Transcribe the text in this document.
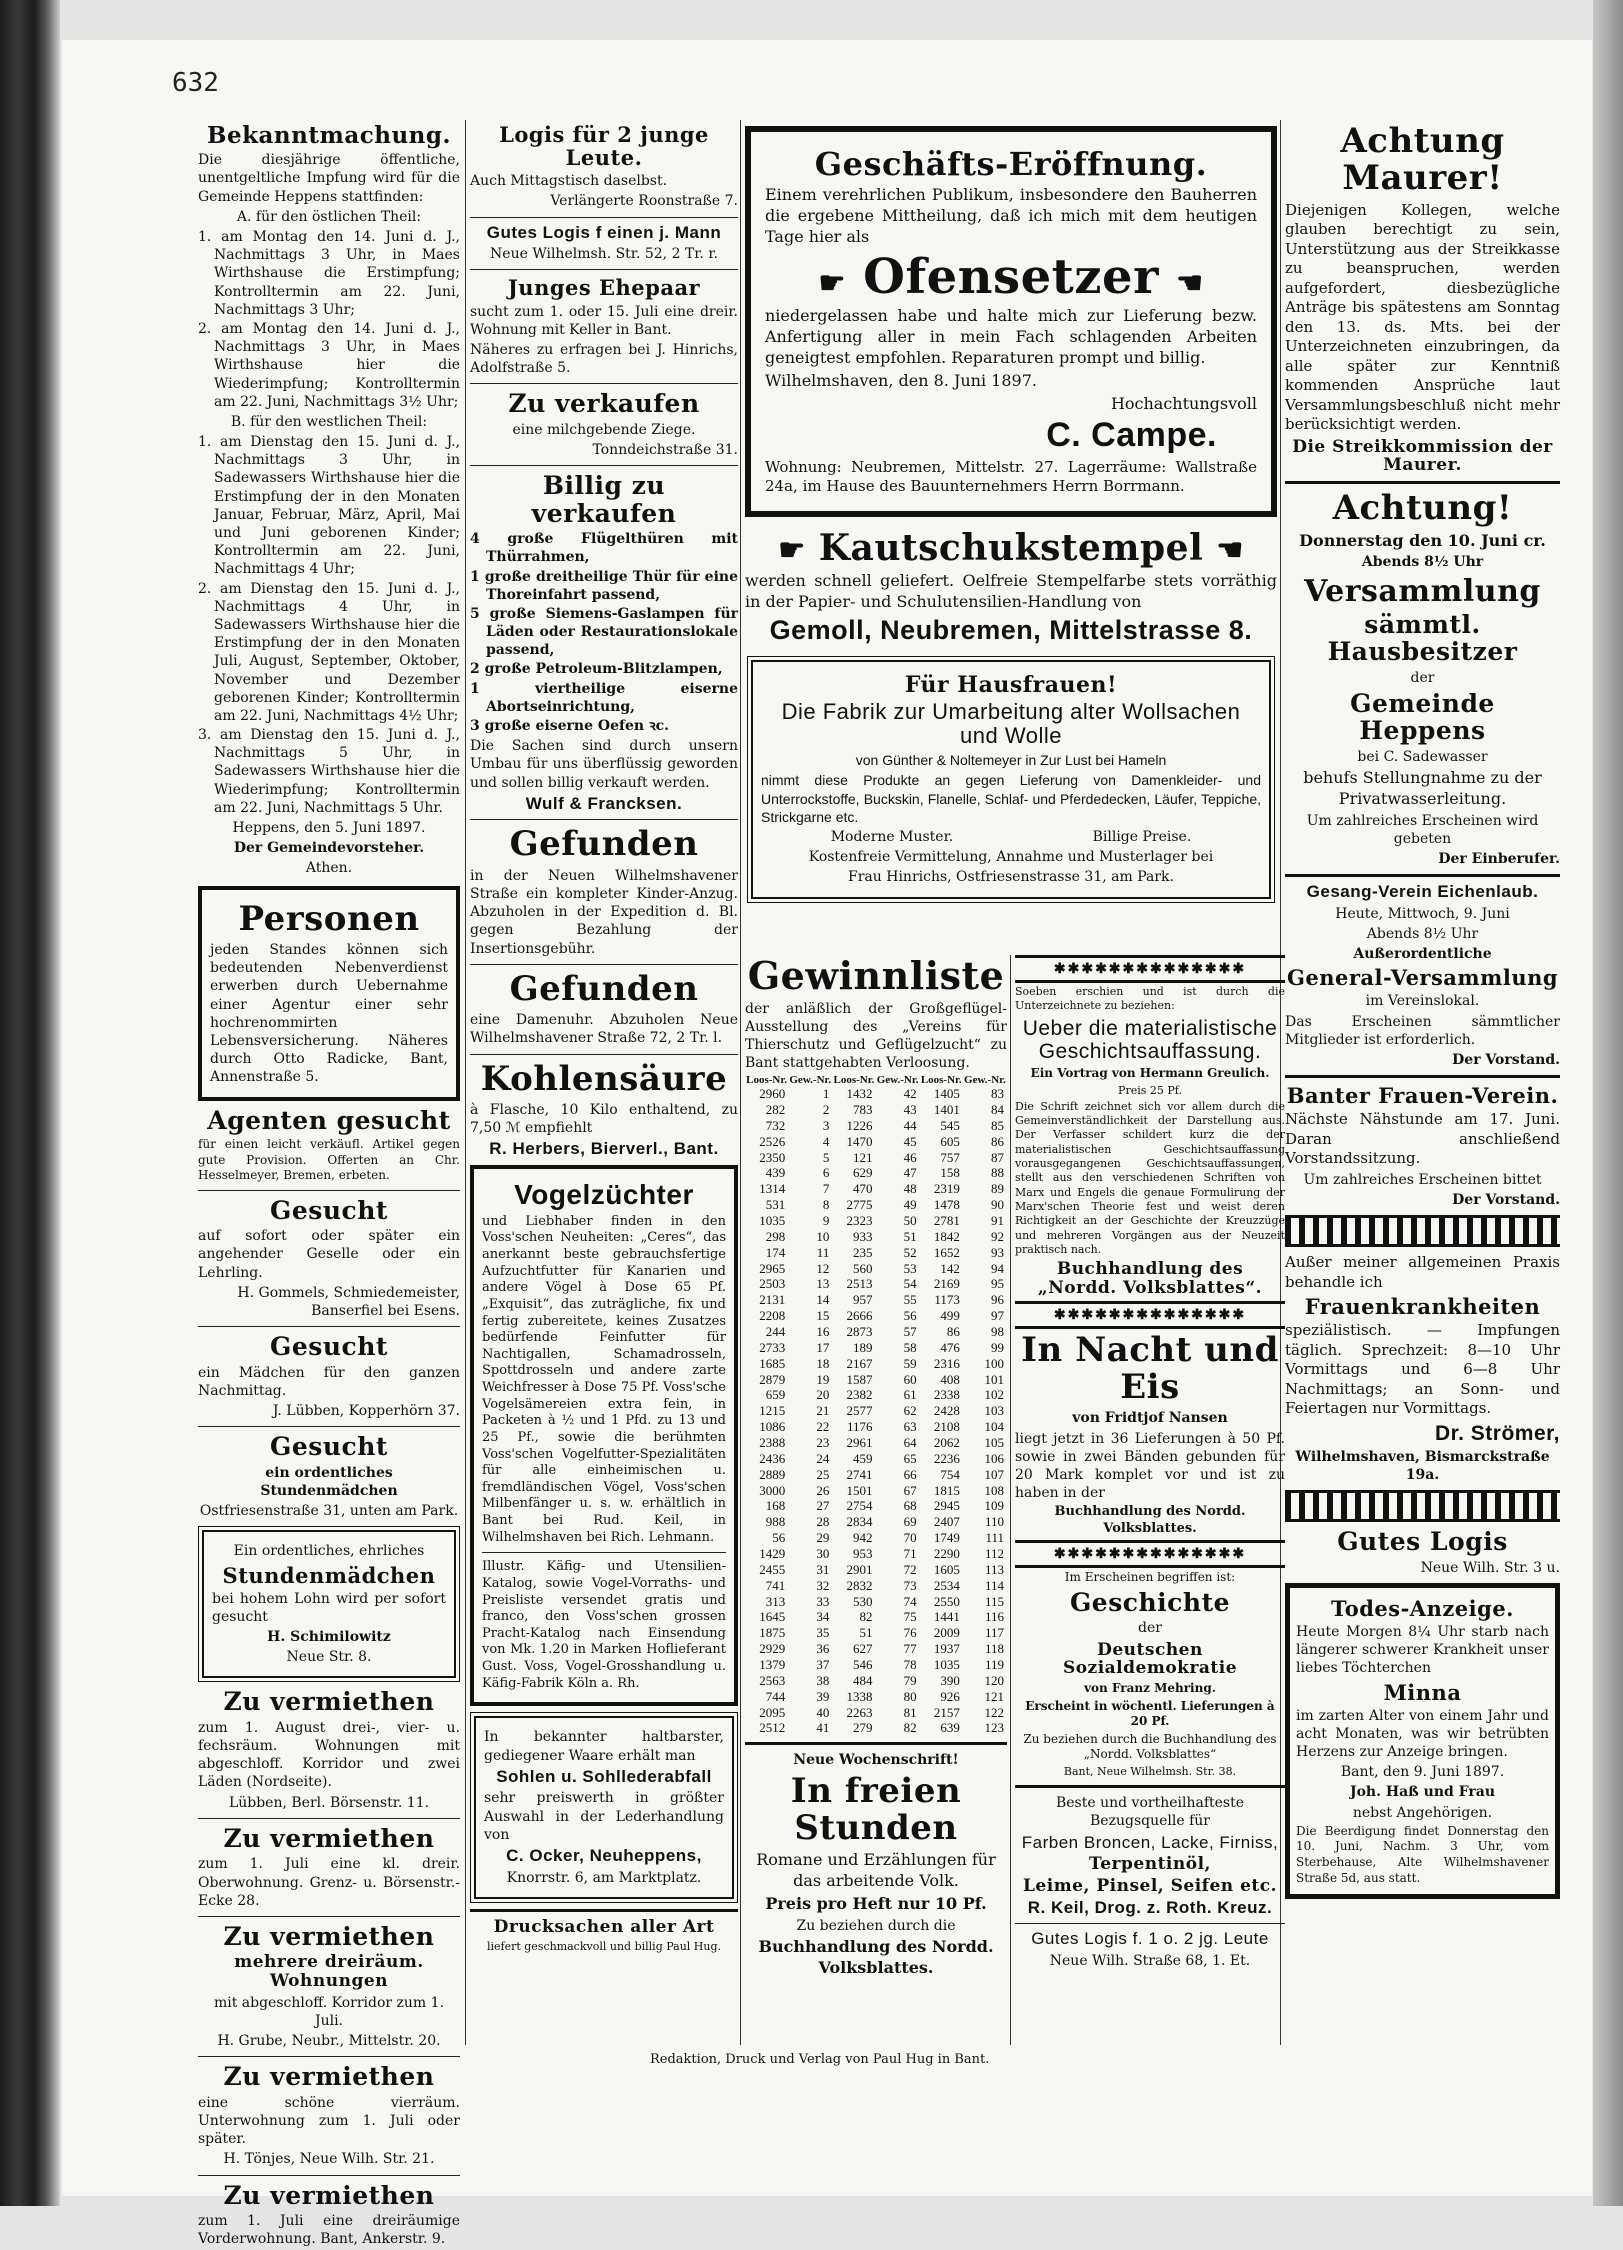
632
Bekanntmachung.

Die diesjährige öffentliche, unentgeltliche Impfung wird für die Gemeinde Heppens stattfinden:

A. für den östlichen Theil:

1. am Montag den 14. Juni d. J., Nachmittags 3 Uhr, in Maes Wirthshause die Erstimpfung; Kontrolltermin am 22. Juni, Nachmittags 3 Uhr;

2. am Montag den 14. Juni d. J., Nachmittags 3 Uhr, in Maes Wirthshause hier die Wiederimpfung; Kontrolltermin am 22. Juni, Nachmittags 3½ Uhr;

B. für den westlichen Theil:

1. am Dienstag den 15. Juni d. J., Nachmittags 3 Uhr, in Sadewassers Wirthshause hier die Erstimpfung der in den Monaten Januar, Februar, März, April, Mai und Juni geborenen Kinder; Kontrolltermin am 22. Juni, Nachmittags 4 Uhr;

2. am Dienstag den 15. Juni d. J., Nachmittags 4 Uhr, in Sadewassers Wirthshause hier die Erstimpfung der in den Monaten Juli, August, September, Oktober, November und Dezember geborenen Kinder; Kontrolltermin am 22. Juni, Nachmittags 4½ Uhr;

3. am Dienstag den 15. Juni d. J., Nachmittags 5 Uhr, in Sadewassers Wirthshause hier die Wiederimpfung; Kontrolltermin am 22. Juni, Nachmittags 5 Uhr.

Heppens, den 5. Juni 1897.

Der Gemeindevorsteher.

Athen.

Personen

jeden Standes können sich bedeutenden Nebenverdienst erwerben durch Uebernahme einer Agentur einer sehr hochrenommirten Lebensversicherung. Näheres durch Otto Radicke, Bant, Annenstraße 5.

Agenten gesucht

für einen leicht verkäufl. Artikel gegen gute Provision. Offerten an Chr. Hesselmeyer, Bremen, erbeten.

Gesucht

auf sofort oder später ein angehender Geselle oder ein Lehrling.

H. Gommels, Schmiedemeister, Banserfiel bei Esens.

Gesucht

ein Mädchen für den ganzen Nachmittag.

J. Lübben, Kopperhörn 37.

Gesucht

ein ordentliches Stundenmädchen

Ostfriesenstraße 31, unten am Park.

Ein ordentliches, ehrliches

Stundenmädchen

bei hohem Lohn wird per sofort gesucht

H. Schimilowitz

Neue Str. 8.

Zu vermiethen

zum 1. August drei-, vier- u. fechsräum. Wohnungen mit abgeschloff. Korridor und zwei Läden (Nordseite).

Lübben, Berl. Börsenstr. 11.

Zu vermiethen

zum 1. Juli eine kl. dreir. Oberwohnung. Grenz- u. Börsenstr.-Ecke 28.

Zu vermiethen
mehrere dreiräum. Wohnungen

mit abgeschloff. Korridor zum 1. Juli.

H. Grube, Neubr., Mittelstr. 20.

Zu vermiethen

eine schöne vierräum. Unterwohnung zum 1. Juli oder später.

H. Tönjes, Neue Wilh. Str. 21.

Zu vermiethen

zum 1. Juli eine dreiräumige Vorderwohnung. Bant, Ankerstr. 9.

Logis für 2 junge Leute.

Auch Mittagstisch daselbst.

Verlängerte Roonstraße 7.

Gutes Logis f einen j. Mann

Neue Wilhelmsh. Str. 52, 2 Tr. r.

Junges Ehepaar

sucht zum 1. oder 15. Juli eine dreir. Wohnung mit Keller in Bant.

Näheres zu erfragen bei J. Hinrichs, Adolfstraße 5.

Zu verkaufen

eine milchgebende Ziege.

Tonndeichstraße 31.

Billig zu verkaufen

4 große Flügelthüren mit Thürrahmen,

1 große dreitheilige Thür für eine Thoreinfahrt passend,

5 große Siemens-Gaslampen für Läden oder Restaurationslokale passend,

2 große Petroleum-Blitzlampen,

1 viertheilige eiserne Abortseinrichtung,

3 große eiserne Oefen ꝛc.

Die Sachen sind durch unsern Umbau für uns überflüssig geworden und sollen billig verkauft werden.

Wulf & Francksen.
Gefunden

in der Neuen Wilhelmshavener Straße ein kompleter Kinder-Anzug. Abzuholen in der Expedition d. Bl. gegen Bezahlung der Insertionsgebühr.

Gefunden

eine Damenuhr. Abzuholen Neue Wilhelmshavener Straße 72, 2 Tr. l.

Kohlensäure

à Flasche, 10 Kilo enthaltend, zu 7,50 ℳ empfiehlt

R. Herbers, Bierverl., Bant.
Vogelzüchter

und Liebhaber finden in den Voss'schen Neuheiten: „Ceres“, das anerkannt beste gebrauchsfertige Aufzuchtfutter für Kanarien und andere Vögel à Dose 65 Pf. „Exquisit“, das zuträgliche, fix und fertig zubereitete, keines Zusatzes bedürfende Feinfutter für Nachtigallen, Schamadrosseln, Spottdrosseln und andere zarte Weichfresser à Dose 75 Pf. Voss'sche Vogelsämereien extra fein, in Packeten à ½ und 1 Pfd. zu 13 und 25 Pf., sowie die berühmten Voss'schen Vogelfutter-Spezialitäten für alle einheimischen u. fremdländischen Vögel, Voss'schen Milbenfänger u. s. w. erhältlich in Bant bei Rud. Keil, in Wilhelmshaven bei Rich. Lehmann.

Illustr. Käfig- und Utensilien-Katalog, sowie Vogel-Vorraths- und Preisliste versendet gratis und franco, den Voss'schen grossen Pracht-Katalog nach Einsendung von Mk. 1.20 in Marken Hoflieferant Gust. Voss, Vogel-Grosshandlung u. Käfig-Fabrik Köln a. Rh.

In bekannter haltbarster, gediegener Waare erhält man

Sohlen u. Sohllederabfall

sehr preiswerth in größter Auswahl in der Lederhandlung von

C. Ocker, Neuheppens,

Knorrstr. 6, am Marktplatz.

Drucksachen aller Art

liefert geschmackvoll und billig Paul Hug.

Geschäfts-Eröffnung.

Einem verehrlichen Publikum, insbesondere den Bauherren die ergebene Mittheilung, daß ich mich mit dem heutigen Tage hier als

☛ Ofensetzer ☚

niedergelassen habe und halte mich zur Lieferung bezw. Anfertigung aller in mein Fach schlagenden Arbeiten geneigtest empfohlen. Reparaturen prompt und billig.

Wilhelmshaven, den 8. Juni 1897.

Hochachtungsvoll

C. Campe.

Wohnung: Neubremen, Mittelstr. 27. Lagerräume: Wallstraße 24a, im Hause des Bauunternehmers Herrn Borrmann.

☛ Kautschukstempel ☚

werden schnell geliefert. Oelfreie Stempelfarbe stets vorräthig in der Papier- und Schulutensilien-Handlung von

Gemoll, Neubremen, Mittelstrasse 8.
Für Hausfrauen!
Die Fabrik zur Umarbeitung alter Wollsachen und Wolle

von Günther & Noltemeyer in Zur Lust bei Hameln

nimmt diese Produkte an gegen Lieferung von Damenkleider- und Unterrockstoffe, Buckskin, Flanelle, Schlaf- und Pferdedecken, Läufer, Teppiche, Strickgarne etc.

Moderne Muster.	Billige Preise.

Kostenfreie Vermittelung, Annahme und Musterlager bei

Frau Hinrichs, Ostfriesenstrasse 31, am Park.

Gewinnliste

der anläßlich der Großgeflügel-Ausstellung des „Vereins für Thierschutz und Geflügelzucht“ zu Bant stattgehabten Verloosung.

Loos-Nr.	Gew.-Nr.	Loos-Nr.	Gew.-Nr.	Loos-Nr.	Gew.-Nr.
2960	1	1432	42	1405	83
282	2	783	43	1401	84
732	3	1226	44	545	85
2526	4	1470	45	605	86
2350	5	121	46	757	87
439	6	629	47	158	88
1314	7	470	48	2319	89
531	8	2775	49	1478	90
1035	9	2323	50	2781	91
298	10	933	51	1842	92
174	11	235	52	1652	93
2965	12	560	53	142	94
2503	13	2513	54	2169	95
2131	14	957	55	1173	96
2208	15	2666	56	499	97
244	16	2873	57	86	98
2733	17	189	58	476	99
1685	18	2167	59	2316	100
2879	19	1587	60	408	101
659	20	2382	61	2338	102
1215	21	2577	62	2428	103
1086	22	1176	63	2108	104
2388	23	2961	64	2062	105
2436	24	459	65	2236	106
2889	25	2741	66	754	107
3000	26	1501	67	1815	108
168	27	2754	68	2945	109
988	28	2834	69	2407	110
56	29	942	70	1749	111
1429	30	953	71	2290	112
2455	31	2901	72	1605	113
741	32	2832	73	2534	114
313	33	530	74	2550	115
1645	34	82	75	1441	116
1875	35	51	76	2009	117
2929	36	627	77	1937	118
1379	37	546	78	1035	119
2563	38	484	79	390	120
744	39	1338	80	926	121
2095	40	2263	81	2157	122
2512	41	279	82	639	123

Neue Wochenschrift!

In freien Stunden

Romane und Erzählungen für das arbeitende Volk.

Preis pro Heft nur 10 Pf.

Zu beziehen durch die

Buchhandlung des Nordd. Volksblattes.

✱✱✱✱✱✱✱✱✱✱✱✱✱✱

Soeben erschien und ist durch die Unterzeichnete zu beziehen:

Ueber die materialistische Geschichtsauffassung.

Ein Vortrag von Hermann Greulich.

Preis 25 Pf.

Die Schrift zeichnet sich vor allem durch die Gemeinverständlichkeit der Darstellung aus. Der Verfasser schildert kurz die der materialistischen Geschichtsauffassung vorausgegangenen Geschichtsauffassungen, stellt aus den verschiedenen Schriften von Marx und Engels die genaue Formulirung der Marx'schen Theorie fest und weist deren Richtigkeit an der Geschichte der Kreuzzüge und mehreren Vorgängen aus der Neuzeit praktisch nach.

Buchhandlung des „Nordd. Volksblattes“.
✱✱✱✱✱✱✱✱✱✱✱✱✱✱
In Nacht und Eis

von Fridtjof Nansen

liegt jetzt in 36 Lieferungen à 50 Pf. sowie in zwei Bänden gebunden für 20 Mark komplet vor und ist zu haben in der

Buchhandlung des Nordd. Volksblattes.

✱✱✱✱✱✱✱✱✱✱✱✱✱✱

Im Erscheinen begriffen ist:

Geschichte

der

Deutschen Sozialdemokratie

von Franz Mehring.

Erscheint in wöchentl. Lieferungen à 20 Pf.

Zu beziehen durch die Buchhandlung des „Nordd. Volksblattes“

Bant, Neue Wilhelmsh. Str. 38.

Beste und vortheilhafteste Bezugsquelle für

Farben Broncen, Lacke, Firniss,
Terpentinöl,
Leime, Pinsel, Seifen etc.
R. Keil, Drog. z. Roth. Kreuz.
Gutes Logis f. 1 o. 2 jg. Leute

Neue Wilh. Straße 68, 1. Et.

Achtung Maurer!

Diejenigen Kollegen, welche glauben berechtigt zu sein, Unterstützung aus der Streikkasse zu beanspruchen, werden aufgefordert, diesbezügliche Anträge bis spätestens am Sonntag den 13. ds. Mts. bei der Unterzeichneten einzubringen, da alle später zur Kenntniß kommenden Ansprüche laut Versammlungsbeschluß nicht mehr berücksichtigt werden.

Die Streikkommission der Maurer.
Achtung!

Donnerstag den 10. Juni cr.

Abends 8½ Uhr

Versammlung
sämmtl. Hausbesitzer

der

Gemeinde Heppens

bei C. Sadewasser

behufs Stellungnahme zu der Privatwasserleitung.

Um zahlreiches Erscheinen wird gebeten

Der Einberufer.

Gesang-Verein Eichenlaub.

Heute, Mittwoch, 9. Juni

Abends 8½ Uhr

Außerordentliche

General-Versammlung

im Vereinslokal.

Das Erscheinen sämmtlicher Mitglieder ist erforderlich.

Der Vorstand.

Banter Frauen-Verein.

Nächste Nähstunde am 17. Juni. Daran anschließend Vorstandssitzung.

Um zahlreiches Erscheinen bittet

Der Vorstand.

Außer meiner allgemeinen Praxis behandle ich

Frauenkrankheiten

speziälistisch. — Impfungen täglich. Sprechzeit: 8—10 Uhr Vormittags und 6—8 Uhr Nachmittags; an Sonn- und Feiertagen nur Vormittags.

Dr. Strömer,

Wilhelmshaven, Bismarckstraße 19a.

Gutes Logis

Neue Wilh. Str. 3 u.

Todes-Anzeige.

Heute Morgen 8¼ Uhr starb nach längerer schwerer Krankheit unser liebes Töchterchen

Minna

im zarten Alter von einem Jahr und acht Monaten, was wir betrübten Herzens zur Anzeige bringen.

Bant, den 9. Juni 1897.

Joh. Haß und Frau

nebst Angehörigen.

Die Beerdigung findet Donnerstag den 10. Juni, Nachm. 3 Uhr, vom Sterbehause, Alte Wilhelmshavener Straße 5d, aus statt.

Redaktion, Druck und Verlag von Paul Hug in Bant.
